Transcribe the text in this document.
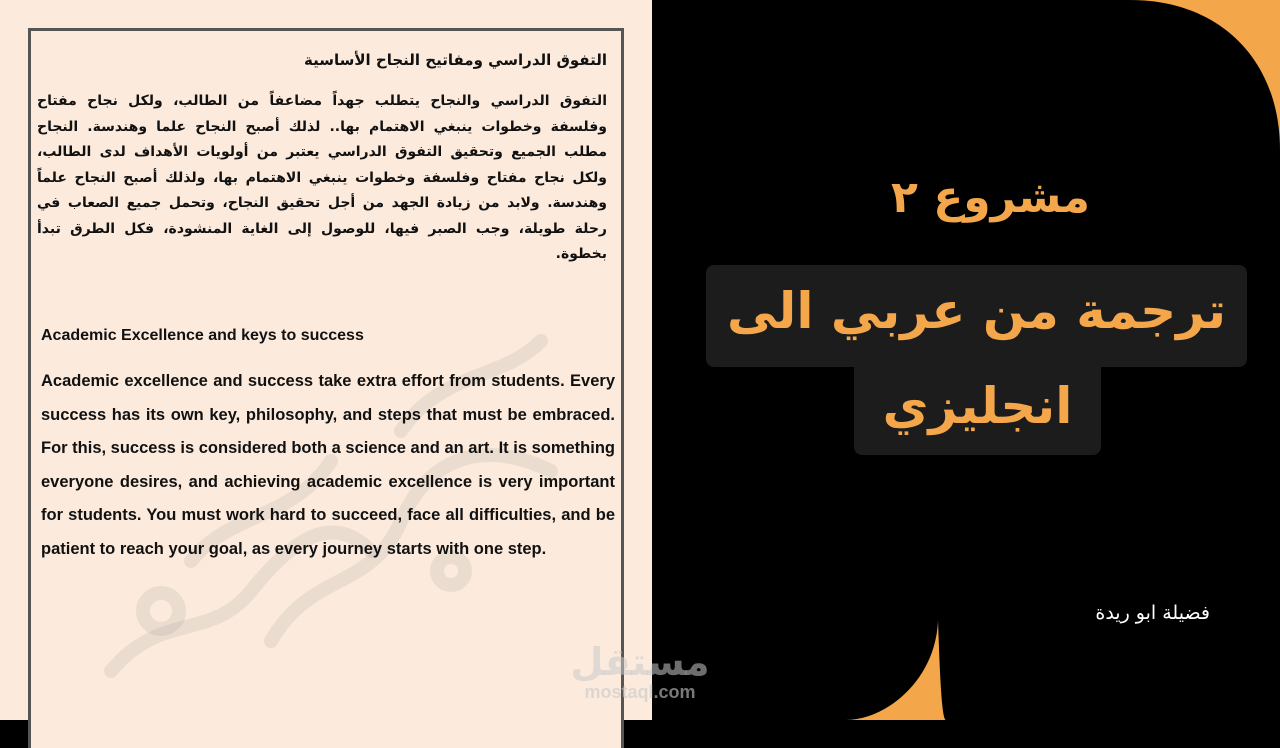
التفوق الدراسي ومفاتيح النجاح الأساسية
التفوق الدراسي والنجاح يتطلب جهداً مضاعفاً من الطالب، ولكل نجاح مفتاح وفلسفة وخطوات ينبغي الاهتمام بها.. لذلك أصبح النجاح علما وهندسة. النجاح مطلب الجميع وتحقيق التفوق الدراسي يعتبر من أولويات الأهداف لدى الطالب، ولكل نجاح مفتاح وفلسفة وخطوات ينبغي الاهتمام بها، ولذلك أصبح النجاح علماً وهندسة. ولابد من زيادة الجهد من أجل تحقيق النجاح، وتحمل جميع الصعاب في رحلة طويلة، وجب الصبر فيها، للوصول إلى الغاية المنشودة، فكل الطرق تبدأ بخطوة.
Academic Excellence and keys to success
Academic excellence and success take extra effort from students. Every success has its own key, philosophy, and steps that must be embraced. For this, success is considered both a science and an art. It is something everyone desires, and achieving academic excellence is very important for students. You must work hard to succeed, face all difficulties, and be patient to reach your goal, as every journey starts with one step.
مشروع ٢
ترجمة من عربي الى
انجليزي
فضيلة ابو ريدة
مستقل
mostaql.com
